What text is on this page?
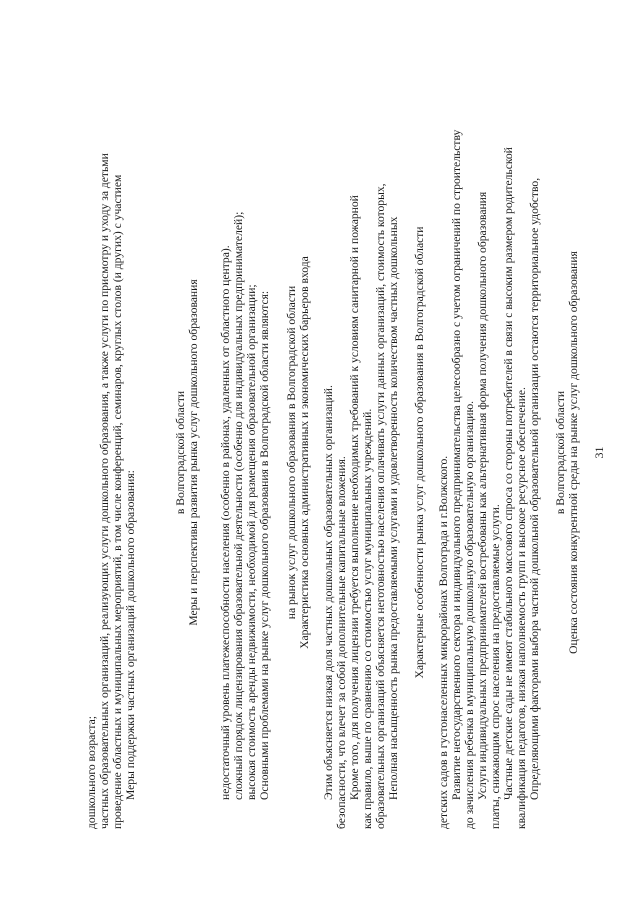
31
Оценка состояния конкурентной среды на рынке услуг дошкольного образования
в Волгоградской области
Определяющими факторами выбора частной дошкольной образовательной организации остаются территориальное удобство,
квалификация педагогов, низкая наполняемость групп и высокое ресурсное обеспечение.
Частные детские сады не имеют стабильного массового спроса со стороны потребителей в связи с высоким размером родительской
платы, снижающим спрос населения на предоставляемые услуги.
Услуги индивидуальных предпринимателей востребованы как альтернативная форма получения дошкольного образования
до зачисления ребенка в муниципальную дошкольную образовательную организацию.
Развитие негосударственного сектора и индивидуального предпринимательства целесообразно с учетом ограничений по строительству
детских садов в густонаселенных микрорайонах Волгограда и г.Волжского.
Характерные особенности рынка услуг дошкольного образования в Волгоградской области
Неполная насыщенность рынка предоставляемыми услугами и удовлетворенность количеством частных дошкольных
образовательных организаций объясняется неготовностью населения оплачивать услуги данных организаций, стоимость которых,
как правило, выше по сравнению со стоимостью услуг муниципальных учреждений.
Кроме того, для получения лицензии требуется выполнение необходимых требований к условиям санитарной и пожарной
безопасности, что влечет за собой дополнительные капитальные вложения.
Этим объясняется низкая доля частных дошкольных образовательных организаций.
Характеристика основных административных и экономических барьеров входа
на рынок услуг дошкольного образования в Волгоградской области
Основными проблемами на рынке услуг дошкольного образования в Волгоградской области являются:
высокая стоимость аренды недвижимости, необходимой для размещения образовательной организации;
сложный порядок лицензирования образовательной деятельности (особенно для индивидуальных предпринимателей);
недостаточный уровень платежеспособности населения (особенно в районах, удаленных от областного центра).
Меры и перспективы развития рынка услуг дошкольного образования
в Волгоградской области
Меры поддержки частных организаций дошкольного образования:
проведение областных и муниципальных мероприятий, в том числе конференций, семинаров, круглых столов (и других) с участием
частных образовательных организаций, реализующих услуги дошкольного образования, а также услуги по присмотру и уходу за детьми
дошкольного возраста;
